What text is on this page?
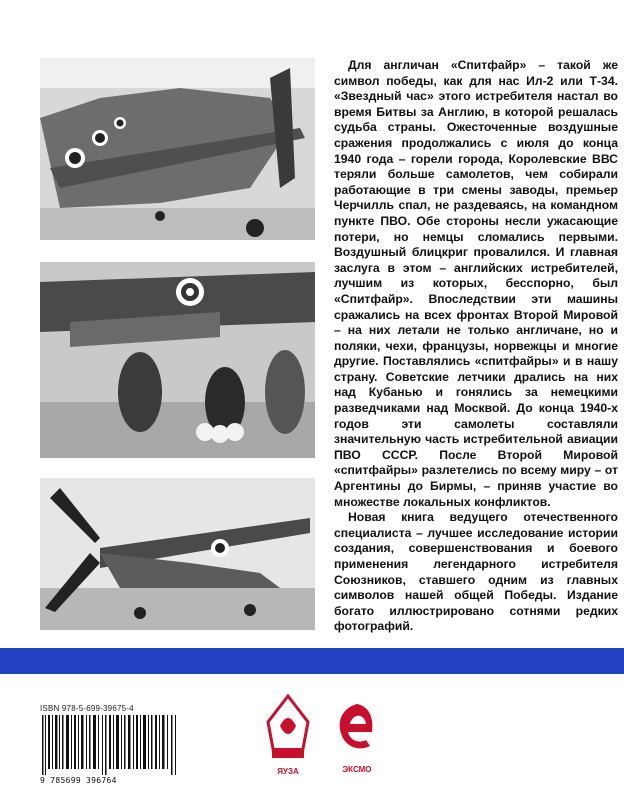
Для англичан «Спитфайр» – такой же символ победы, как для нас Ил-2 или Т-34. «Звездный час» этого истребителя настал во время Битвы за Англию, в которой решалась судьба страны. Ожесточенные воздушные сражения продолжались с июля до конца 1940 года – горели города, Королевские ВВС теряли больше самолетов, чем собирали работающие в три смены заводы, премьер Черчилль спал, не раздеваясь, на командном пункте ПВО. Обе стороны несли ужасающие потери, но немцы сломались первыми. Воздушный блицкриг провалился. И главная заслуга в этом – английских истребителей, лучшим из которых, бесспорно, был «Спитфайр». Впоследствии эти машины сражались на всех фронтах Второй Мировой – на них летали не только англичане, но и поляки, чехи, французы, норвежцы и многие другие. Поставлялись «спитфайры» и в нашу страну. Советские летчики дрались на них над Кубанью и гонялись за немецкими разведчиками над Москвой. До конца 1940-х годов эти самолеты составляли значительную часть истребительной авиации ПВО СССР. После Второй Мировой «спитфайры» разлетелись по всему миру – от Аргентины до Бирмы, – приняв участие во множестве локальных конфликтов.

Новая книга ведущего отечественного специалиста – лучшее исследование истории создания, совершенствования и боевого применения легендарного истребителя Союзников, ставшего одним из главных символов нашей общей Победы. Издание богато иллюстрировано сотнями редких фотографий.

ISBN 978-5-699-39675-4
9 785699 396764
ЯУЗА	ЭКСМО
